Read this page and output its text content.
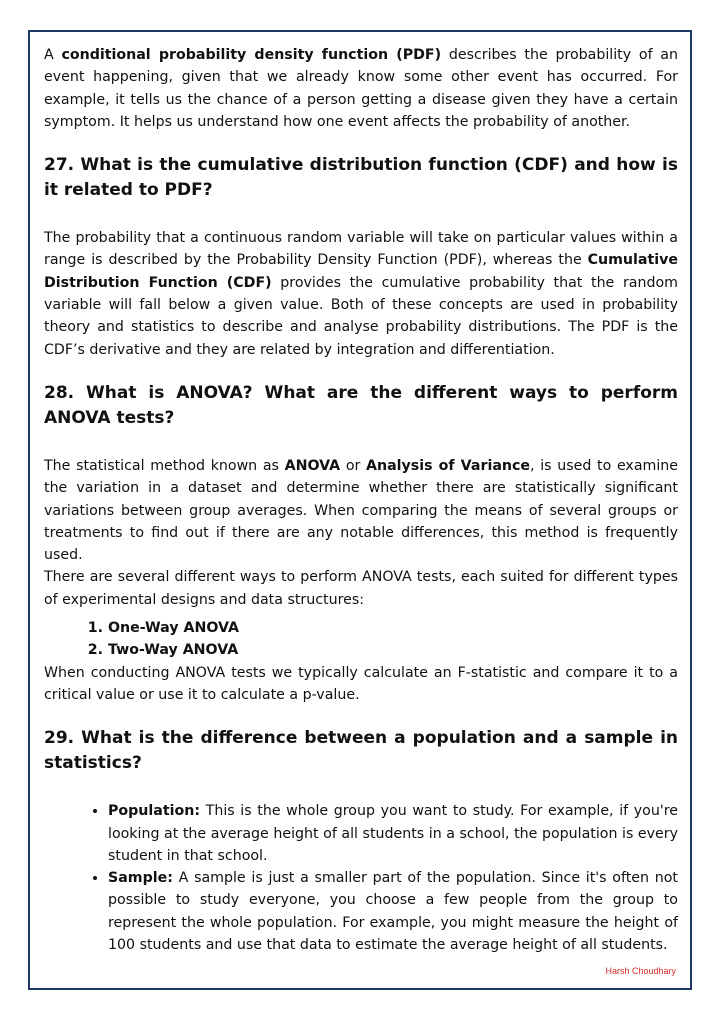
A conditional probability density function (PDF) describes the probability of an event happening, given that we already know some other event has occurred. For example, it tells us the chance of a person getting a disease given they have a certain symptom. It helps us understand how one event affects the probability of another.

27. What is the cumulative distribution function (CDF) and how is it related to PDF?

The probability that a continuous random variable will take on particular values within a range is described by the Probability Density Function (PDF), whereas the Cumulative Distribution Function (CDF) provides the cumulative probability that the random variable will fall below a given value. Both of these concepts are used in probability theory and statistics to describe and analyse probability distributions. The PDF is the CDF’s derivative and they are related by integration and differentiation.

28. What is ANOVA? What are the different ways to perform ANOVA tests?

The statistical method known as ANOVA or Analysis of Variance, is used to examine the variation in a dataset and determine whether there are statistically significant variations between group averages. When comparing the means of several groups or treatments to find out if there are any notable differences, this method is frequently used.

There are several different ways to perform ANOVA tests, each suited for different types of experimental designs and data structures:

1. One-Way ANOVA
2. Two-Way ANOVA

When conducting ANOVA tests we typically calculate an F-statistic and compare it to a critical value or use it to calculate a p-value.

29. What is the difference between a population and a sample in statistics?
• Population: This is the whole group you want to study. For example, if you're looking at the average height of all students in a school, the population is every student in that school.
• Sample: A sample is just a smaller part of the population. Since it's often not possible to study everyone, you choose a few people from the group to represent the whole population. For example, you might measure the height of 100 students and use that data to estimate the average height of all students.
Harsh Choudhary
